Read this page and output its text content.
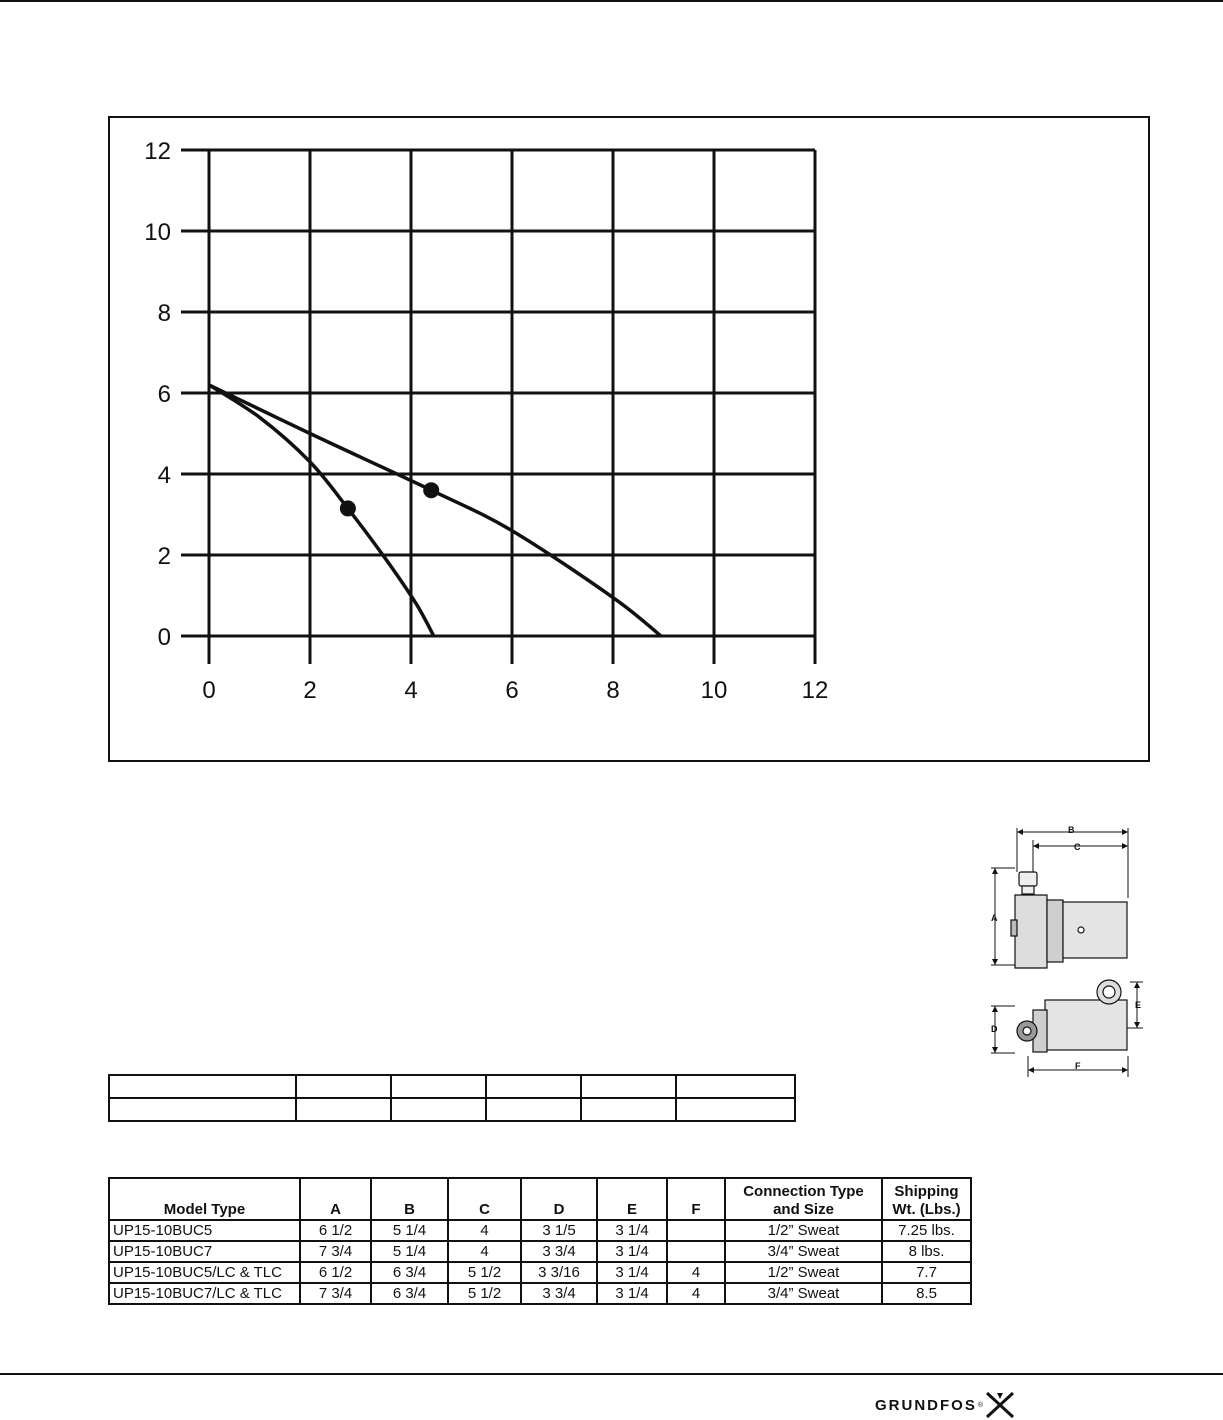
0	2	4	6	8	10	12
0
2
4
6
8
10
12
B
C
A
E
D
F

Model Type	A	B	C	D	E	F	Connection Type and Size	Shipping Wt. (Lbs.)
UP15-10BUC5	6 1/2	5 1/4	4	3 1/5	3 1/4		1/2” Sweat	7.25 lbs.
UP15-10BUC7	7 3/4	5 1/4	4	3 3/4	3 1/4		3/4” Sweat	8 lbs.
UP15-10BUC5/LC & TLC	6 1/2	6 3/4	5 1/2	3 3/16	3 1/4	4	1/2” Sweat	7.7
UP15-10BUC7/LC & TLC	7 3/4	6 3/4	5 1/2	3 3/4	3 1/4	4	3/4” Sweat	8.5
GRUNDFOS ®
